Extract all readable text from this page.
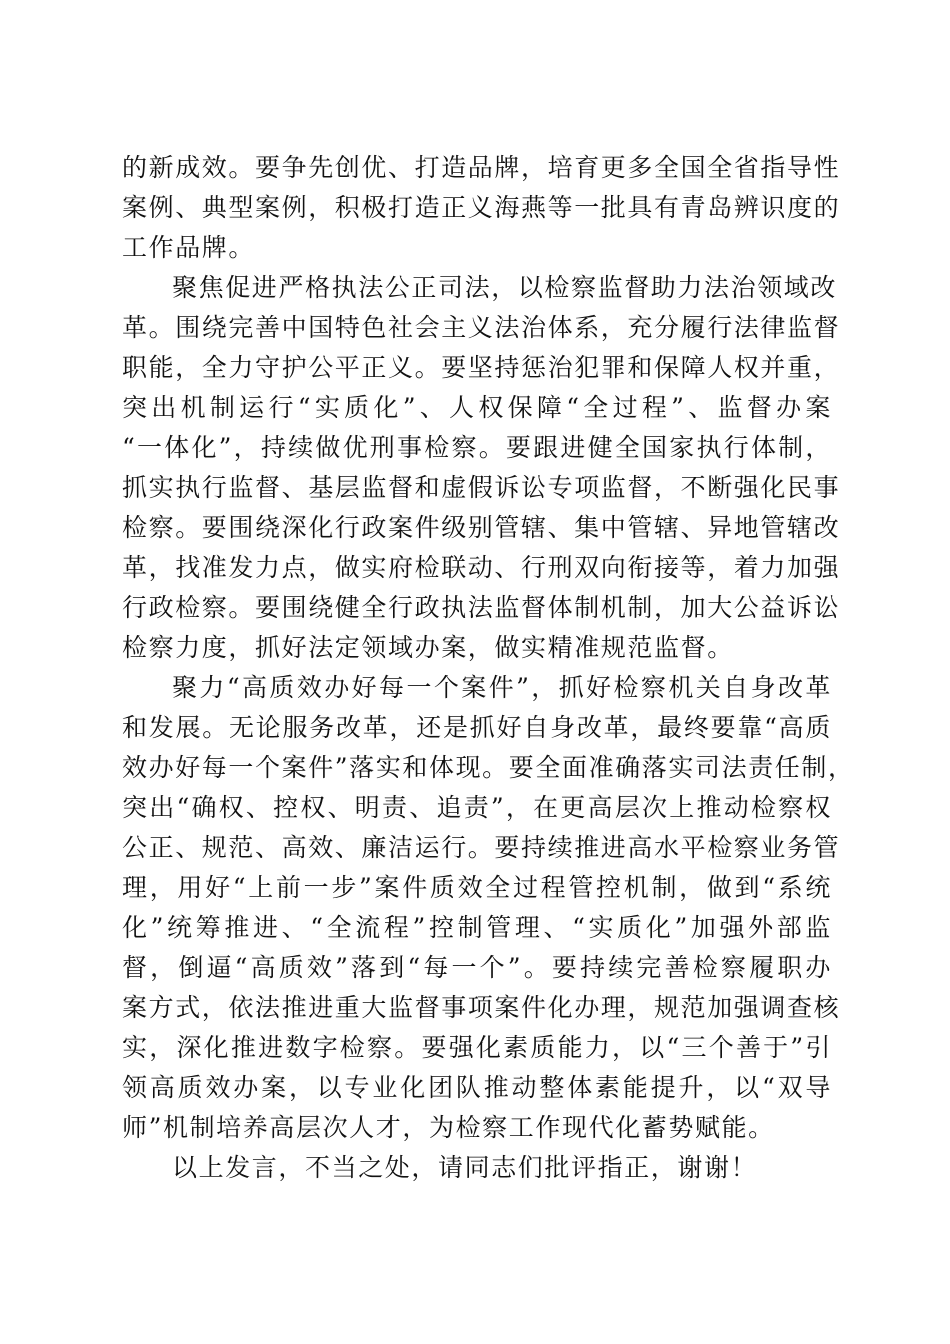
的新成效。要争先创优、打造品牌，培育更多全国全省指导性
案例、典型案例，积极打造正义海燕等一批具有青岛辨识度的
工作品牌。
聚焦促进严格执法公正司法，以检察监督助力法治领域改
革。围绕完善中国特色社会主义法治体系，充分履行法律监督
职能，全力守护公平正义。要坚持惩治犯罪和保障人权并重，
突出机制运行“实质化”、人权保障“全过程”、监督办案
“一体化”，持续做优刑事检察。要跟进健全国家执行体制，
抓实执行监督、基层监督和虚假诉讼专项监督，不断强化民事
检察。要围绕深化行政案件级别管辖、集中管辖、异地管辖改
革，找准发力点，做实府检联动、行刑双向衔接等，着力加强
行政检察。要围绕健全行政执法监督体制机制，加大公益诉讼
检察力度，抓好法定领域办案，做实精准规范监督。
聚力“高质效办好每一个案件”，抓好检察机关自身改革
和发展。无论服务改革，还是抓好自身改革，最终要靠“高质
效办好每一个案件”落实和体现。要全面准确落实司法责任制，
突出“确权、控权、明责、追责”，在更高层次上推动检察权
公正、规范、高效、廉洁运行。要持续推进高水平检察业务管
理，用好“上前一步”案件质效全过程管控机制，做到“系统
化”统筹推进、“全流程”控制管理、“实质化”加强外部监
督，倒逼“高质效”落到“每一个”。要持续完善检察履职办
案方式，依法推进重大监督事项案件化办理，规范加强调查核
实，深化推进数字检察。要强化素质能力，以“三个善于”引
领高质效办案，以专业化团队推动整体素能提升，以“双导
师”机制培养高层次人才，为检察工作现代化蓄势赋能。
以上发言，不当之处，请同志们批评指正，谢谢！
